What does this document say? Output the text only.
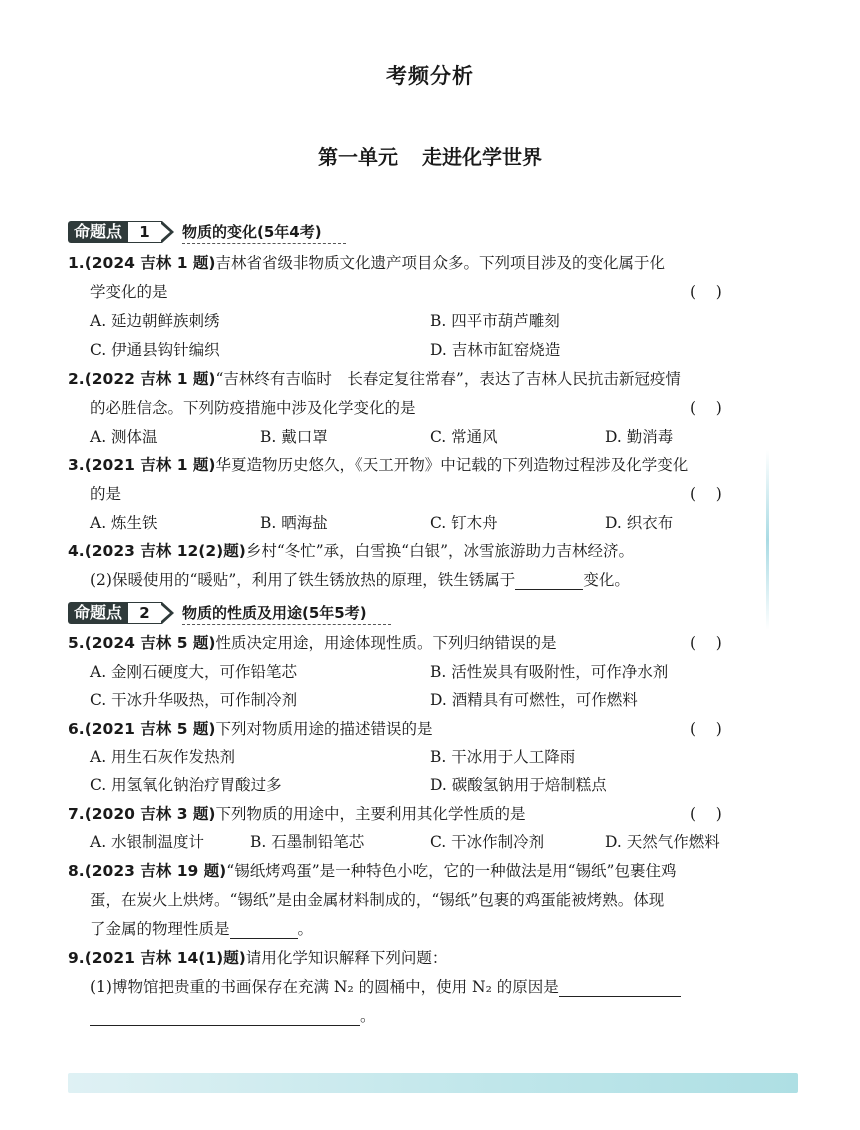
考频分析
第一单元 走进化学世界
命题点	1	物质的变化(5年4考)
1.(2024 吉林 1 题)吉林省省级非物质文化遗产项目众多。下列项目涉及的变化属于化
学变化的是	(    )
A. 延边朝鲜族刺绣	B. 四平市葫芦雕刻
C. 伊通县钩针编织	D. 吉林市缸窑烧造
2.(2022 吉林 1 题)“吉林终有吉临时　长春定复往常春”，表达了吉林人民抗击新冠疫情
的必胜信念。下列防疫措施中涉及化学变化的是	(    )
A. 测体温	B. 戴口罩	C. 常通风	D. 勤消毒
3.(2021 吉林 1 题)华夏造物历史悠久，《天工开物》中记载的下列造物过程涉及化学变化
的是	(    )
A. 炼生铁	B. 晒海盐	C. 钉木舟	D. 织衣布
4.(2023 吉林 12(2)题)乡村“冬忙”承，白雪换“白银”，冰雪旅游助力吉林经济。
(2)保暖使用的“暖贴”，利用了铁生锈放热的原理，铁生锈属于	变化。
命题点	2	物质的性质及用途(5年5考)
5.(2024 吉林 5 题)性质决定用途，用途体现性质。下列归纳错误的是	(    )
A. 金刚石硬度大，可作铅笔芯	B. 活性炭具有吸附性，可作净水剂
C. 干冰升华吸热，可作制冷剂	D. 酒精具有可燃性，可作燃料
6.(2021 吉林 5 题)下列对物质用途的描述错误的是	(    )
A. 用生石灰作发热剂	B. 干冰用于人工降雨
C. 用氢氧化钠治疗胃酸过多	D. 碳酸氢钠用于焙制糕点
7.(2020 吉林 3 题)下列物质的用途中，主要利用其化学性质的是	(    )
A. 水银制温度计	B. 石墨制铅笔芯	C. 干冰作制冷剂	D. 天然气作燃料
8.(2023 吉林 19 题)“锡纸烤鸡蛋”是一种特色小吃，它的一种做法是用“锡纸”包裹住鸡
蛋，在炭火上烘烤。“锡纸”是由金属材料制成的，“锡纸”包裹的鸡蛋能被烤熟。体现
了金属的物理性质是	。
9.(2021 吉林 14(1)题)请用化学知识解释下列问题：
(1)博物馆把贵重的书画保存在充满 N₂ 的圆桶中，使用 N₂ 的原因是
。
